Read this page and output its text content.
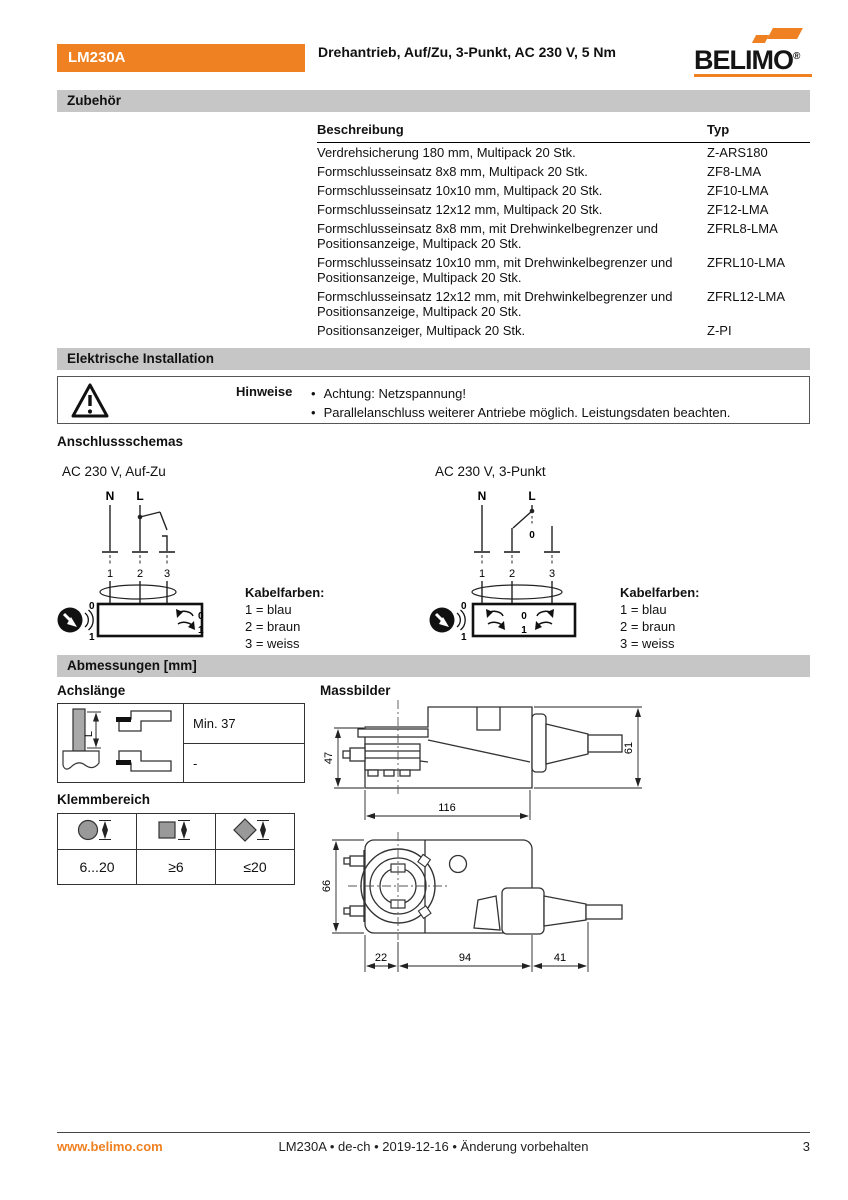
LM230A	Drehantrieb, Auf/Zu, 3-Punkt, AC 230 V, 5 Nm	BELIMO®
Zubehör
Beschreibung	Typ
Verdrehsicherung 180 mm, Multipack 20 Stk.	Z-ARS180
Formschlusseinsatz 8x8 mm, Multipack 20 Stk.	ZF8-LMA
Formschlusseinsatz 10x10 mm, Multipack 20 Stk.	ZF10-LMA
Formschlusseinsatz 12x12 mm, Multipack 20 Stk.	ZF12-LMA
Formschlusseinsatz 8x8 mm, mit Drehwinkelbegrenzer und Positionsanzeige, Multipack 20 Stk.	ZFRL8-LMA
Formschlusseinsatz 10x10 mm, mit Drehwinkelbegrenzer und Positionsanzeige, Multipack 20 Stk.	ZFRL10-LMA
Formschlusseinsatz 12x12 mm, mit Drehwinkelbegrenzer und Positionsanzeige, Multipack 20 Stk.	ZFRL12-LMA
Positionsanzeiger, Multipack 20 Stk.	Z-PI
Elektrische Installation
Hinweise	• Achtung: Netzspannung!
• Parallelanschluss weiterer Antriebe möglich. Leistungsdaten beachten.
Anschlussschemas
AC 230 V, Auf-Zu	AC 230 V, 3-Punkt
N L
1 2 3
0
1
0
1
N	L
0
1 2	3
0
1
0
1
Kabelfarben:
1 = blau
2 = braun
3 = weiss
Kabelfarben:
1 = blau
2 = braun
3 = weiss
Abmessungen [mm]
Achslänge	Massbilder
L
Min. 37
-
Klemmbereich

6...20	≥6	≤20
47
61
116
66
22	94	41
www.belimo.com	LM230A • de-ch • 2019-12-16 • Änderung vorbehalten	3
